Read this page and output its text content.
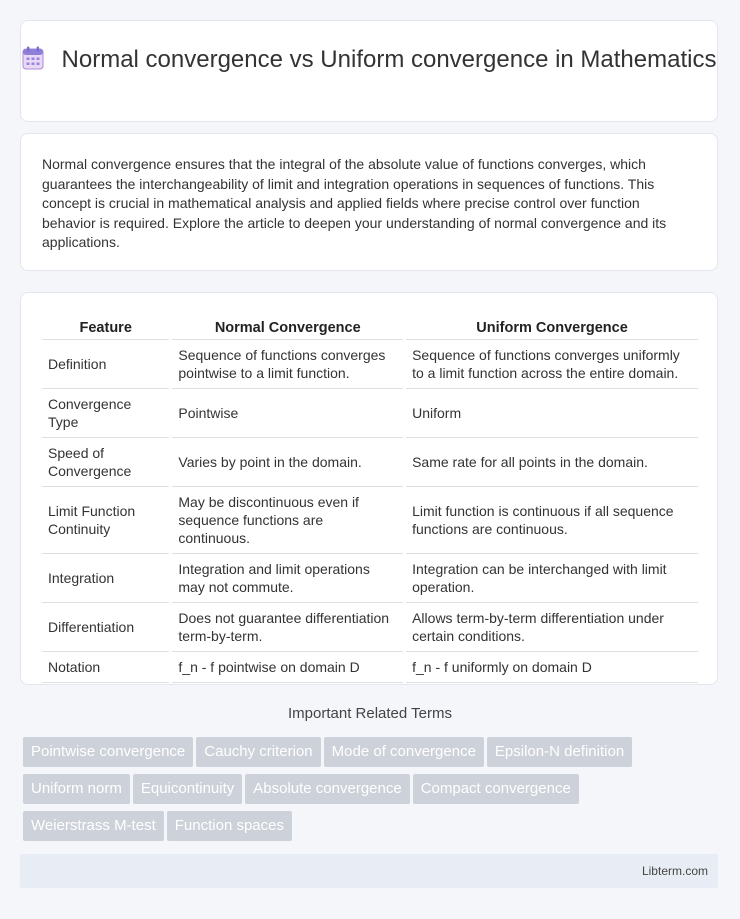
Normal convergence vs Uniform convergence in Mathematics
Normal convergence ensures that the integral of the absolute value of functions converges, which guarantees the interchangeability of limit and integration operations in sequences of functions. This concept is crucial in mathematical analysis and applied fields where precise control over function behavior is required. Explore the article to deepen your understanding of normal convergence and its applications.
Feature	Normal Convergence	Uniform Convergence
Definition	Sequence of functions converges pointwise to a limit function.	Sequence of functions converges uniformly to a limit function across the entire domain.
Convergence Type	Pointwise	Uniform
Speed of Convergence	Varies by point in the domain.	Same rate for all points in the domain.
Limit Function Continuity	May be discontinuous even if sequence functions are continuous.	Limit function is continuous if all sequence functions are continuous.
Integration	Integration and limit operations may not commute.	Integration can be interchanged with limit operation.
Differentiation	Does not guarantee differentiation term-by-term.	Allows term-by-term differentiation under certain conditions.
Notation	f_n - f pointwise on domain D	f_n - f uniformly on domain D
Important Related Terms
Pointwise convergence Cauchy criterion Mode of convergence Epsilon-N definition
Uniform norm Equicontinuity Absolute convergence Compact convergence
Weierstrass M-test Function spaces
Libterm.com
